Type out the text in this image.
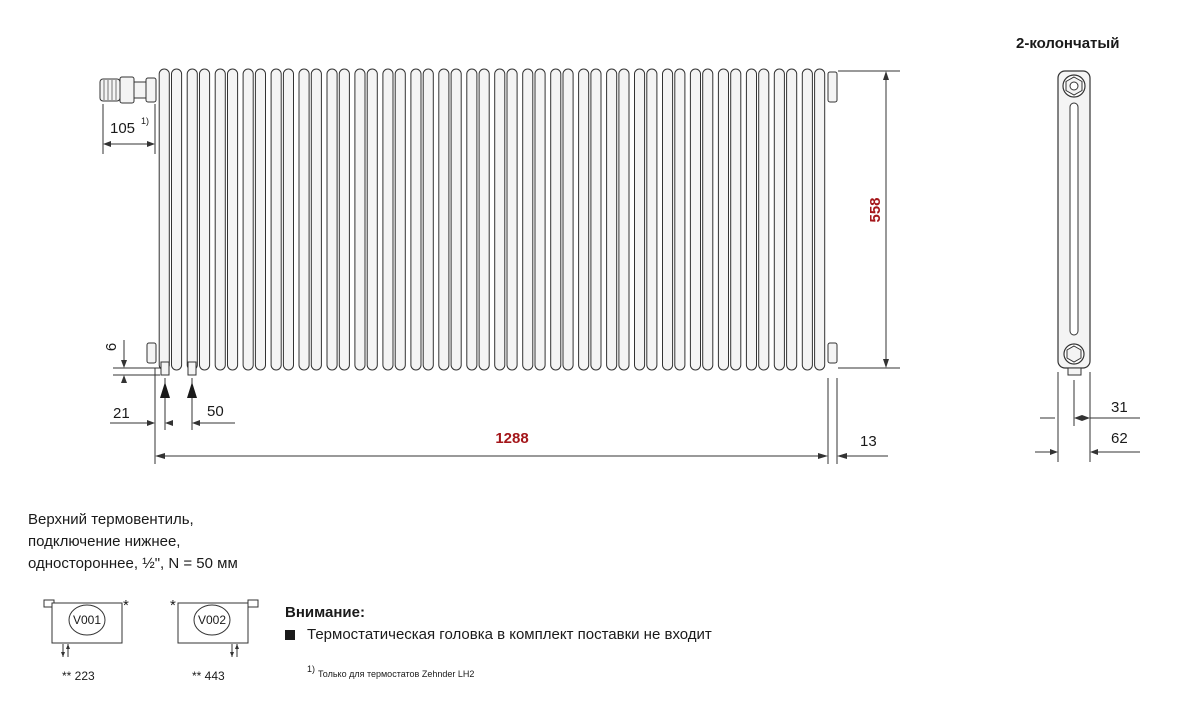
105 1)
558
6
21	50
1288	13
2-колончатый
31
62
V001
*
** 223
V002
*
** 443	1) Только для термостатов Zehnder LH2
Верхний термовентиль,
подключение нижнее,
одностороннее, ½", N = 50 мм
Внимание:
Термостатическая головка в комплект поставки не входит
